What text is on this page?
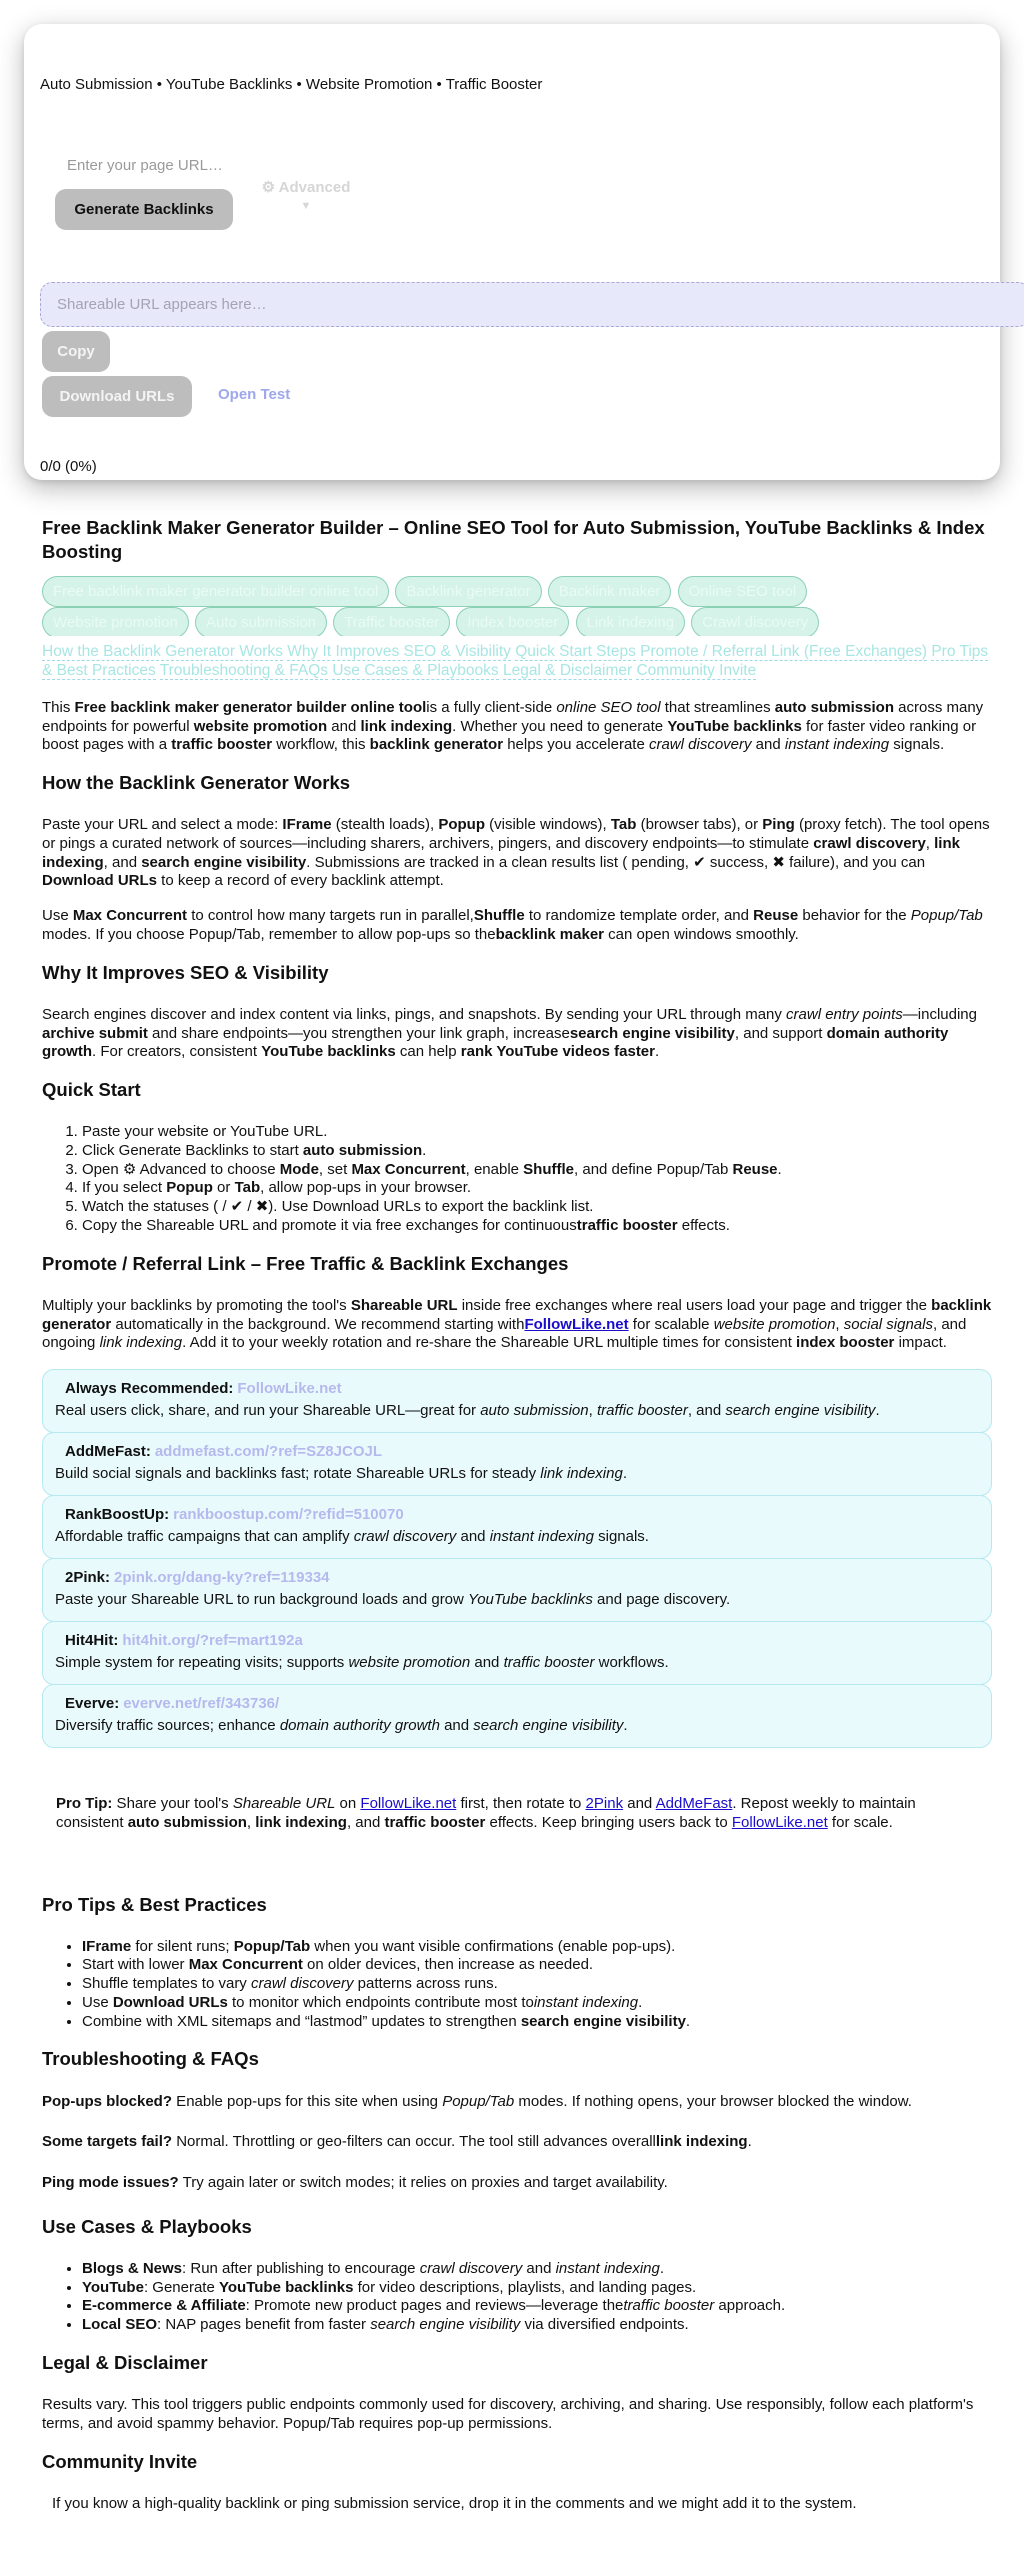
Auto Submission • YouTube Backlinks • Website Promotion • Traffic Booster
Enter your page URL…
Generate Backlinks
⚙ Advanced
▼
Shareable URL appears here…
Copy
Download URLs	Open Test
0/0 (0%)
Free Backlink Maker Generator Builder – Online SEO Tool for Auto Submission, YouTube Backlinks & Index Boosting
Free backlink maker generator builder online tool Backlink generator Backlink maker Online SEO tool Website promotion Auto submission Traffic booster Index booster Link indexing Crawl discovery
How the Backlink Generator Works Why It Improves SEO & Visibility Quick Start Steps Promote / Referral Link (Free Exchanges) Pro Tips & Best Practices Troubleshooting & FAQs Use Cases & Playbooks Legal & Disclaimer Community Invite

This Free backlink maker generator builder online toolis a fully client-side online SEO tool that streamlines auto submission across many endpoints for powerful website promotion and link indexing. Whether you need to generate YouTube backlinks for faster video ranking or boost pages with a traffic booster workflow, this backlink generator helps you accelerate crawl discovery and instant indexing signals.

How the Backlink Generator Works

Paste your URL and select a mode: IFrame (stealth loads), Popup (visible windows), Tab (browser tabs), or Ping (proxy fetch). The tool opens or pings a curated network of sources—including sharers, archivers, pingers, and discovery endpoints—to stimulate crawl discovery, link indexing, and search engine visibility. Submissions are tracked in a clean results list ( pending, ✔ success, ✖ failure), and you can Download URLs to keep a record of every backlink attempt.

Use Max Concurrent to control how many targets run in parallel,Shuffle to randomize template order, and Reuse behavior for the Popup/Tab modes. If you choose Popup/Tab, remember to allow pop-ups so thebacklink maker can open windows smoothly.

Why It Improves SEO & Visibility

Search engines discover and index content via links, pings, and snapshots. By sending your URL through many crawl entry points—including archive submit and share endpoints—you strengthen your link graph, increasesearch engine visibility, and support domain authority growth. For creators, consistent YouTube backlinks can help rank YouTube videos faster.

Quick Start
1. Paste your website or YouTube URL.
2. Click Generate Backlinks to start auto submission.
3. Open ⚙ Advanced to choose Mode, set Max Concurrent, enable Shuffle, and define Popup/Tab Reuse.
4. If you select Popup or Tab, allow pop-ups in your browser.
5. Watch the statuses ( / ✔ / ✖). Use Download URLs to export the backlink list.
6. Copy the Shareable URL and promote it via free exchanges for continuoustraffic booster effects.
Promote / Referral Link – Free Traffic & Backlink Exchanges

Multiply your backlinks by promoting the tool's Shareable URL inside free exchanges where real users load your page and trigger the backlink generator automatically in the background. We recommend starting withFollowLike.net for scalable website promotion, social signals, and ongoing link indexing. Add it to your weekly rotation and re-share the Shareable URL multiple times for consistent index booster impact.

Always Recommended: FollowLike.net
Real users click, share, and run your Shareable URL—great for auto submission, traffic booster, and search engine visibility.
AddMeFast: addmefast.com/?ref=SZ8JCOJL
Build social signals and backlinks fast; rotate Shareable URLs for steady link indexing.
RankBoostUp: rankboostup.com/?refid=510070
Affordable traffic campaigns that can amplify crawl discovery and instant indexing signals.
2Pink: 2pink.org/dang-ky?ref=119334
Paste your Shareable URL to run background loads and grow YouTube backlinks and page discovery.
Hit4Hit: hit4hit.org/?ref=mart192a
Simple system for repeating visits; supports website promotion and traffic booster workflows.
Everve: everve.net/ref/343736/
Diversify traffic sources; enhance domain authority growth and search engine visibility.

Pro Tip: Share your tool's Shareable URL on FollowLike.net first, then rotate to 2Pink and AddMeFast. Repost weekly to maintain consistent auto submission, link indexing, and traffic booster effects. Keep bringing users back to FollowLike.net for scale.

Pro Tips & Best Practices
• IFrame for silent runs; Popup/Tab when you want visible confirmations (enable pop-ups).
• Start with lower Max Concurrent on older devices, then increase as needed.
• Shuffle templates to vary crawl discovery patterns across runs.
• Use Download URLs to monitor which endpoints contribute most toinstant indexing.
• Combine with XML sitemaps and “lastmod” updates to strengthen search engine visibility.
Troubleshooting & FAQs

Pop-ups blocked? Enable pop-ups for this site when using Popup/Tab modes. If nothing opens, your browser blocked the window.

Some targets fail? Normal. Throttling or geo-filters can occur. The tool still advances overalllink indexing.

Ping mode issues? Try again later or switch modes; it relies on proxies and target availability.

Use Cases & Playbooks
• Blogs & News: Run after publishing to encourage crawl discovery and instant indexing.
• YouTube: Generate YouTube backlinks for video descriptions, playlists, and landing pages.
• E-commerce & Affiliate: Promote new product pages and reviews—leverage thetraffic booster approach.
• Local SEO: NAP pages benefit from faster search engine visibility via diversified endpoints.
Legal & Disclaimer

Results vary. This tool triggers public endpoints commonly used for discovery, archiving, and sharing. Use responsibly, follow each platform's terms, and avoid spammy behavior. Popup/Tab requires pop-up permissions.

Community Invite

If you know a high-quality backlink or ping submission service, drop it in the comments and we might add it to the system.
